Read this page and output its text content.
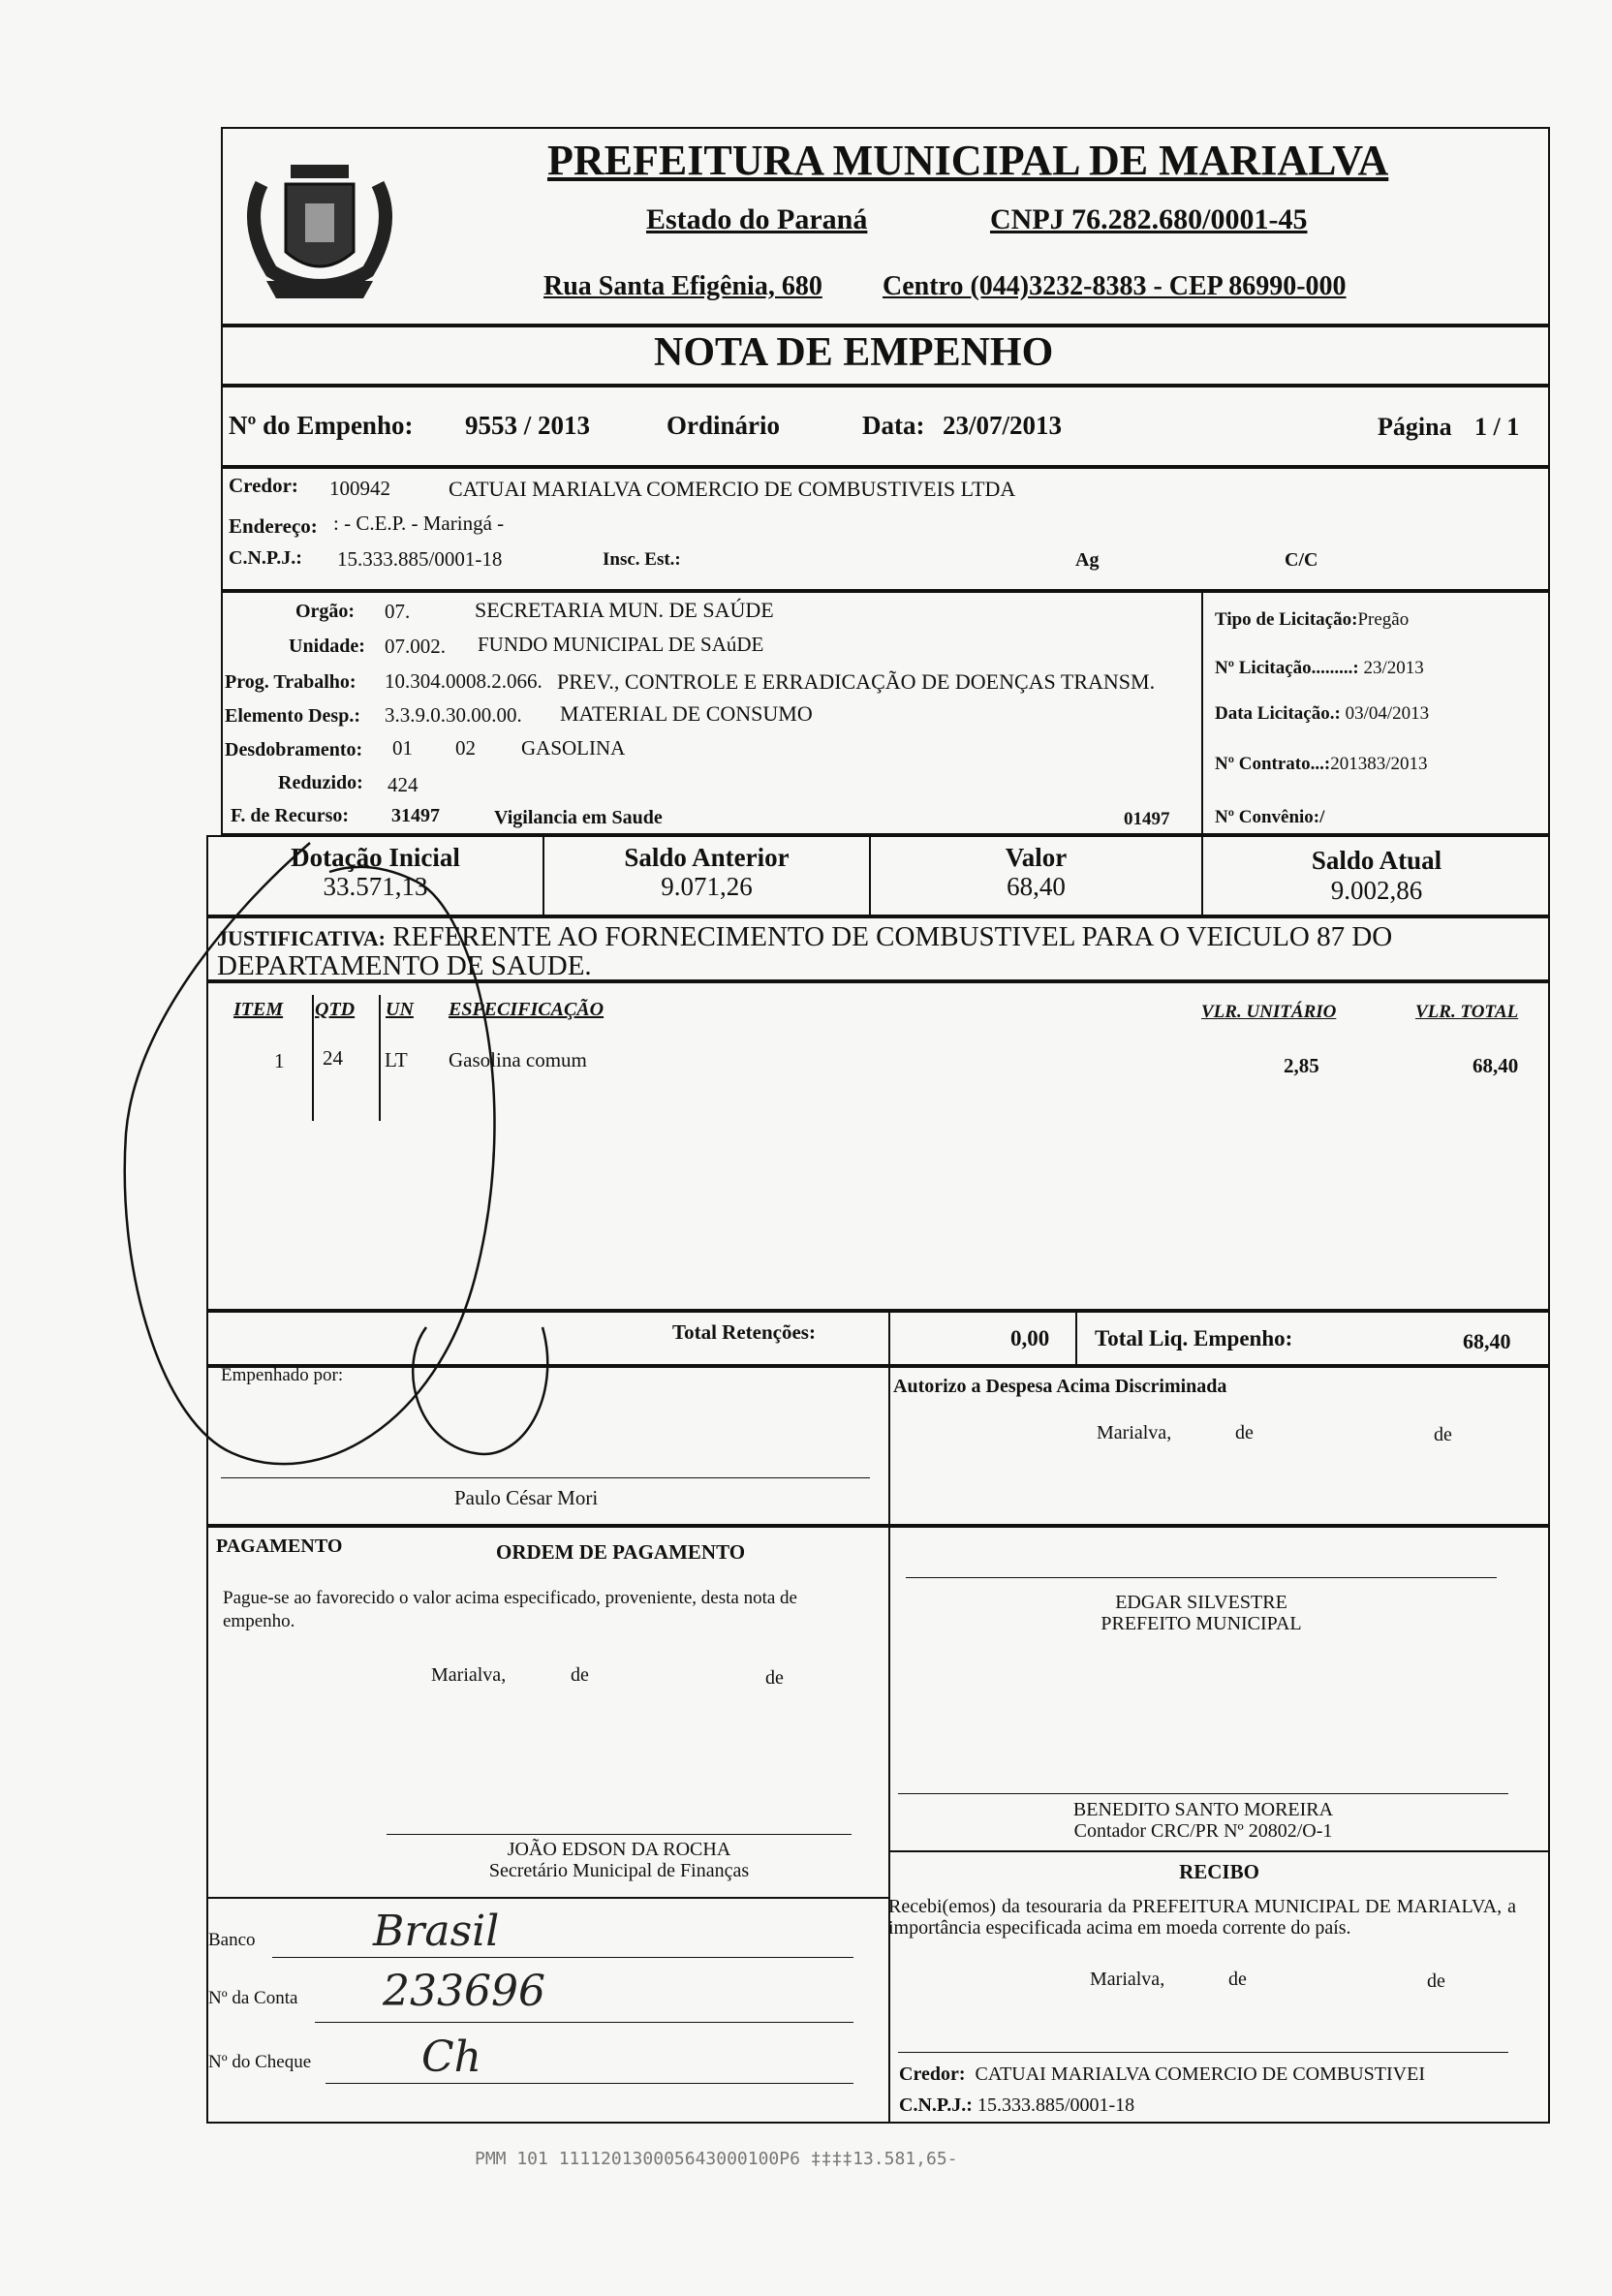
PREFEITURA MUNICIPAL DE MARIALVA
Estado do Paraná	CNPJ 76.282.680/0001-45
Rua Santa Efigênia, 680 Centro (044)3232-8383 - CEP 86990-000
NOTA DE EMPENHO
Nº do Empenho: 9553 / 2013	Ordinário	Data: 23/07/2013	Página 1 / 1
Credor: 100942	CATUAI MARIALVA COMERCIO DE COMBUSTIVEIS LTDA
Endereço: : - C.E.P. - Maringá -
C.N.P.J.: 15.333.885/0001-18	Insc. Est.:	Ag	C/C
Orgão: 07.	SECRETARIA MUN. DE SAÚDE
Unidade: 07.002. FUNDO MUNICIPAL DE SAúDE
Prog. Trabalho: 10.304.0008.2.066. PREV., CONTROLE E ERRADICAÇÃO DE DOENÇAS TRANSM.
Elemento Desp.: 3.3.9.0.30.00.00. MATERIAL DE CONSUMO
Desdobramento: 01 02 GASOLINA
Reduzido: 424
F. de Recurso: 31497	Vigilancia em Saude	01497
Tipo de Licitação:Pregão
Nº Licitação.........: 23/2013
Data Licitação.: 03/04/2013
Nº Contrato...:201383/2013
Nº Convênio:/
Dotação Inicial
33.571,13
Saldo Anterior
9.071,26
Valor
68,40
Saldo Atual
9.002,86
JUSTIFICATIVA: REFERENTE AO FORNECIMENTO DE COMBUSTIVEL PARA O VEICULO 87 DO
DEPARTAMENTO DE SAUDE.
ITEM QTD UN ESPECIFICAÇÃO	VLR. UNITÁRIO	VLR. TOTAL
1 24 LT Gasolina comum	2,85	68,40
Total Retenções:	0,00 Total Liq. Empenho:	68,40
Empenhado por:
Paulo César Mori
Autorizo a Despesa Acima Discriminada
Marialva,	de	de
PAGAMENTO	ORDEM DE PAGAMENTO
Pague-se ao favorecido o valor acima especificado, proveniente, desta nota de empenho.
Marialva,	de	de
EDGAR SILVESTRE
PREFEITO MUNICIPAL
BENEDITO SANTO MOREIRA
Contador CRC/PR Nº 20802/O-1
JOÃO EDSON DA ROCHA
Secretário Municipal de Finanças	RECIBO
Recebi(emos) da tesouraria da PREFEITURA MUNICIPAL DE MARIALVA, a importância especificada acima em moeda corrente do país.
Marialva,	de	de
Credor: CATUAI MARIALVA COMERCIO DE COMBUSTIVEI
C.N.P.J.: 15.333.885/0001-18
Banco	Brasil
Nº da Conta 233696
Nº do Cheque	Ch
PMM 101 111120130005643000100P6 ‡‡‡‡13.581,65-
